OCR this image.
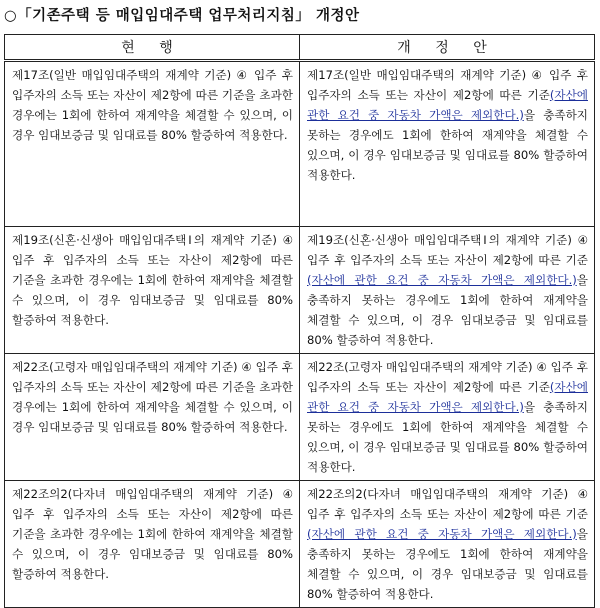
○「기존주택 등 매입임대주택 업무처리지침」 개정안
현 행	개 정 안
제17조(일반 매입임대주택의 재계약 기준) ④ 입주 후 입주자의 소득 또는 자산이 제2항에 따른 기준을 초과한 경우에는 1회에 한하여 재계약을 체결할 수 있으며, 이 경우 임대보증금 및 임대료를 80% 할증하여 적용한다.	제17조(일반 매입임대주택의 재계약 기준) ④ 입주 후 입주자의 소득 또는 자산이 제2항에 따른 기준(자산에 관한 요건 중 자동차 가액은 제외한다.)을 충족하지 못하는 경우에도 1회에 한하여 재계약을 체결할 수 있으며, 이 경우 임대보증금 및 임대료를 80% 할증하여 적용한다.
제19조(신혼·신생아 매입임대주택Ⅰ의 재계약 기준) ④ 입주 후 입주자의 소득 또는 자산이 제2항에 따른 기준을 초과한 경우에는 1회에 한하여 재계약을 체결할 수 있으며, 이 경우 임대보증금 및 임대료를 80% 할증하여 적용한다.	제19조(신혼·신생아 매입임대주택Ⅰ의 재계약 기준) ④ 입주 후 입주자의 소득 또는 자산이 제2항에 따른 기준(자산에 관한 요건 중 자동차 가액은 제외한다.)을 충족하지 못하는 경우에도 1회에 한하여 재계약을 체결할 수 있으며, 이 경우 임대보증금 및 임대료를 80% 할증하여 적용한다.
제22조(고령자 매입임대주택의 재계약 기준) ④ 입주 후 입주자의 소득 또는 자산이 제2항에 따른 기준을 초과한 경우에는 1회에 한하여 재계약을 체결할 수 있으며, 이 경우 임대보증금 및 임대료를 80% 할증하여 적용한다.	제22조(고령자 매입임대주택의 재계약 기준) ④ 입주 후 입주자의 소득 또는 자산이 제2항에 따른 기준(자산에 관한 요건 중 자동차 가액은 제외한다.)을 충족하지 못하는 경우에도 1회에 한하여 재계약을 체결할 수 있으며, 이 경우 임대보증금 및 임대료를 80% 할증하여 적용한다.
제22조의2(다자녀 매입임대주택의 재계약 기준) ④ 입주 후 입주자의 소득 또는 자산이 제2항에 따른 기준을 초과한 경우에는 1회에 한하여 재계약을 체결할 수 있으며, 이 경우 임대보증금 및 임대료를 80% 할증하여 적용한다.	제22조의2(다자녀 매입임대주택의 재계약 기준) ④ 입주 후 입주자의 소득 또는 자산이 제2항에 따른 기준(자산에 관한 요건 중 자동차 가액은 제외한다.)을 충족하지 못하는 경우에도 1회에 한하여 재계약을 체결할 수 있으며, 이 경우 임대보증금 및 임대료를 80% 할증하여 적용한다.
